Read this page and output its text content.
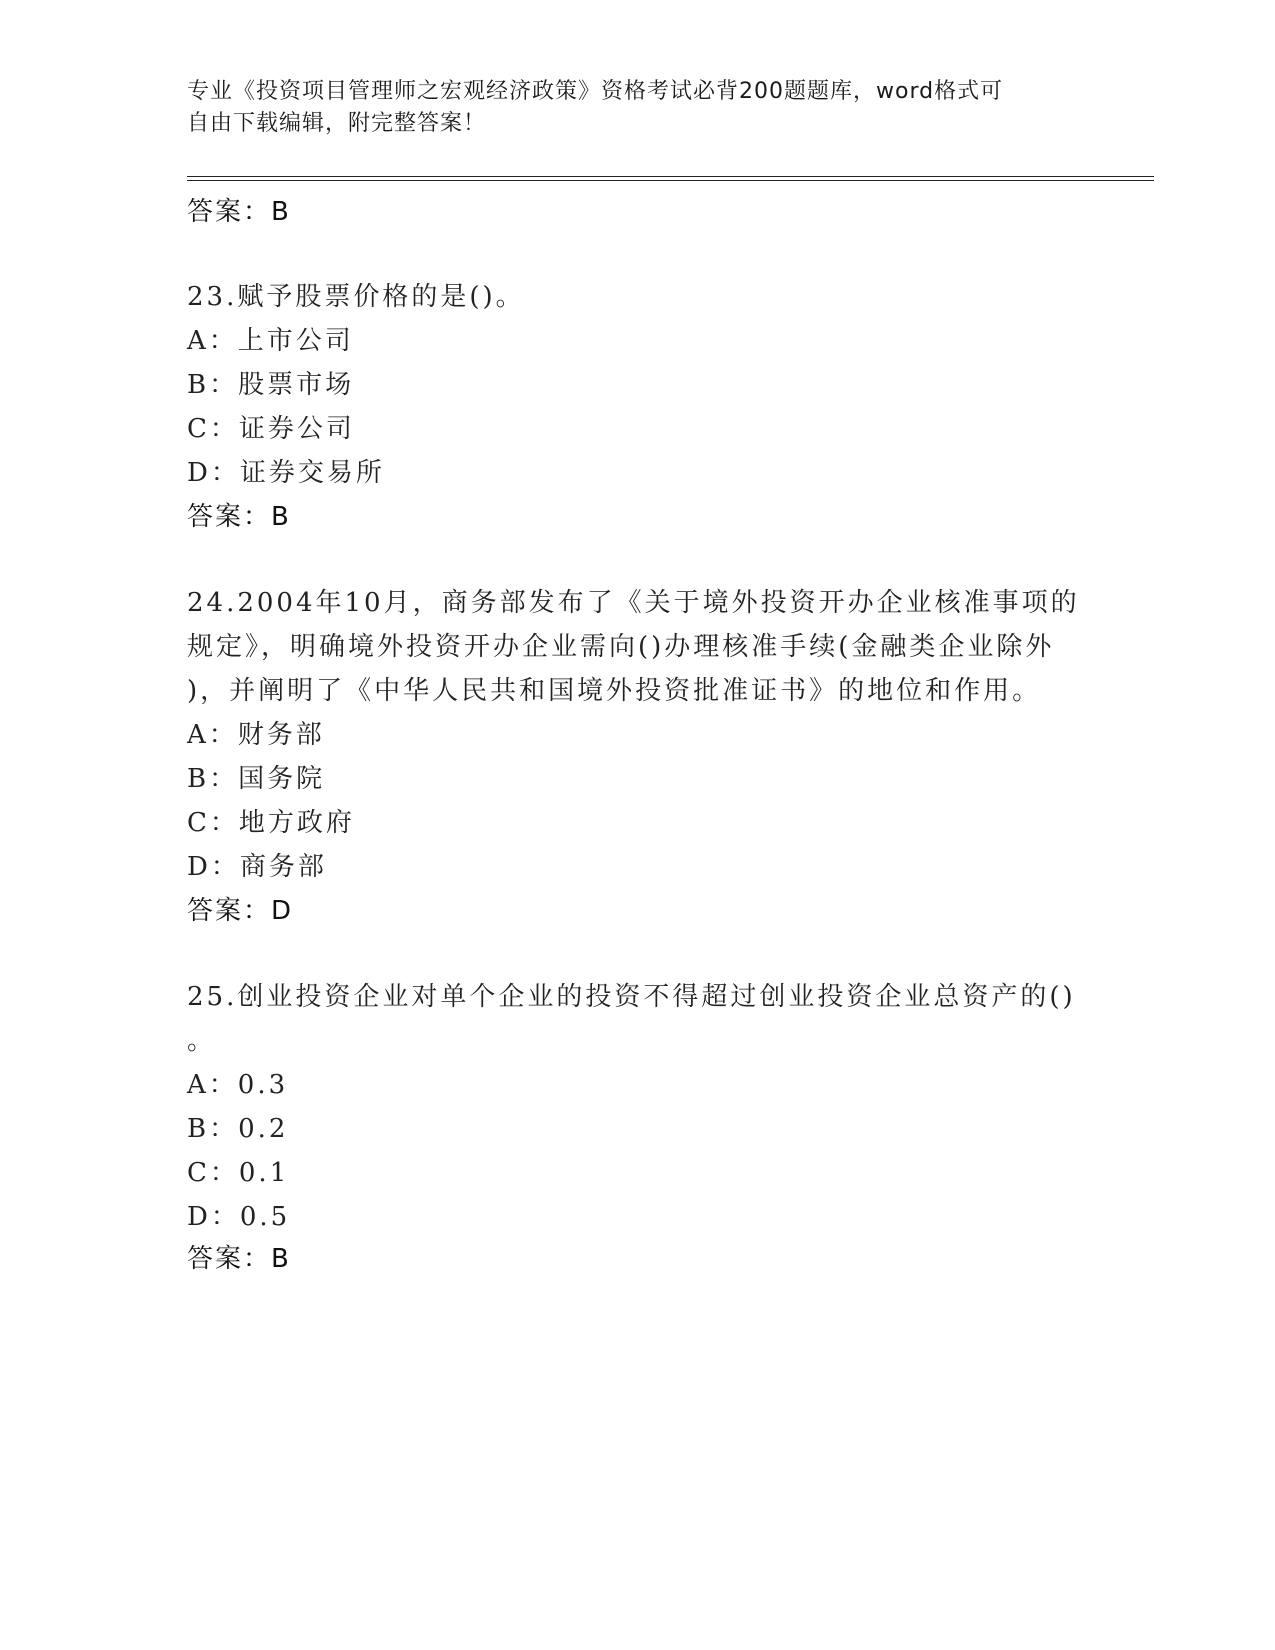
专业《投资项目管理师之宏观经济政策》资格考试必背200题题库，word格式可
自由下载编辑，附完整答案！
答案：B
23.赋予股票价格的是()。
A：上市公司
B：股票市场
C：证券公司
D：证券交易所
答案：B
24.2004年10月，商务部发布了《关于境外投资开办企业核准事项的
规定》，明确境外投资开办企业需向()办理核准手续(金融类企业除外
)，并阐明了《中华人民共和国境外投资批准证书》的地位和作用。
A：财务部
B：国务院
C：地方政府
D：商务部
答案：D
25.创业投资企业对单个企业的投资不得超过创业投资企业总资产的()
。
A：0.3
B：0.2
C：0.1
D：0.5
答案：B
